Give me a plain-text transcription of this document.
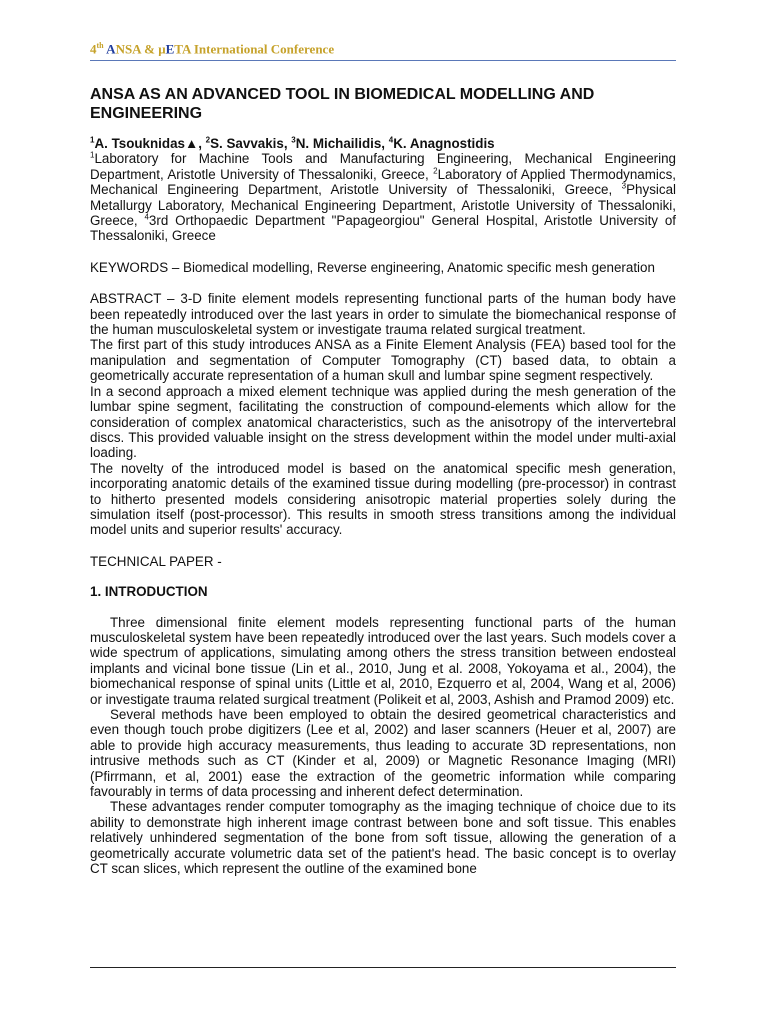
4th ANSA & μETA International Conference
ANSA AS AN ADVANCED TOOL IN BIOMEDICAL MODELLING AND ENGINEERING
$^1$A. Tsouknidas▲, $^2$S. Savvakis, $^3$N. Michailidis, $^4$K. Anagnostidis
$^1$Laboratory for Machine Tools and Manufacturing Engineering, Mechanical Engineering Department, Aristotle University of Thessaloniki, Greece, $^2$Laboratory of Applied Thermodynamics, Mechanical Engineering Department, Aristotle University of Thessaloniki, Greece, $^3$Physical Metallurgy Laboratory, Mechanical Engineering Department, Aristotle University of Thessaloniki, Greece, $^4$3rd Orthopaedic Department "Papageorgiou" General Hospital, Aristotle University of Thessaloniki, Greece
KEYWORDS – Biomedical modelling, Reverse engineering, Anatomic specific mesh generation
ABSTRACT – 3-D finite element models representing functional parts of the human body have been repeatedly introduced over the last years in order to simulate the biomechanical response of the human musculoskeletal system or investigate trauma related surgical treatment.
The first part of this study introduces ANSA as a Finite Element Analysis (FEA) based tool for the manipulation and segmentation of Computer Tomography (CT) based data, to obtain a geometrically accurate representation of a human skull and lumbar spine segment respectively.
In a second approach a mixed element technique was applied during the mesh generation of the lumbar spine segment, facilitating the construction of compound-elements which allow for the consideration of complex anatomical characteristics, such as the anisotropy of the intervertebral discs. This provided valuable insight on the stress development within the model under multi-axial loading.
The novelty of the introduced model is based on the anatomical specific mesh generation, incorporating anatomic details of the examined tissue during modelling (pre-processor) in contrast to hitherto presented models considering anisotropic material properties solely during the simulation itself (post-processor). This results in smooth stress transitions among the individual model units and superior results' accuracy.
TECHNICAL PAPER -
1. INTRODUCTION
Three dimensional finite element models representing functional parts of the human musculoskeletal system have been repeatedly introduced over the last years. Such models cover a wide spectrum of applications, simulating among others the stress transition between endosteal implants and vicinal bone tissue (Lin et al., 2010, Jung et al. 2008, Yokoyama et al., 2004), the biomechanical response of spinal units (Little et al, 2010, Ezquerro et al, 2004, Wang et al, 2006) or investigate trauma related surgical treatment (Polikeit et al, 2003, Ashish and Pramod 2009) etc.
Several methods have been employed to obtain the desired geometrical characteristics and even though touch probe digitizers (Lee et al, 2002) and laser scanners (Heuer et al, 2007) are able to provide high accuracy measurements, thus leading to accurate 3D representations, non intrusive methods such as CT (Kinder et al, 2009) or Magnetic Resonance Imaging (MRI) (Pfirrmann, et al, 2001) ease the extraction of the geometric information while comparing favourably in terms of data processing and inherent defect determination.
These advantages render computer tomography as the imaging technique of choice due to its ability to demonstrate high inherent image contrast between bone and soft tissue. This enables relatively unhindered segmentation of the bone from soft tissue, allowing the generation of a geometrically accurate volumetric data set of the patient's head. The basic concept is to overlay CT scan slices, which represent the outline of the examined bone
